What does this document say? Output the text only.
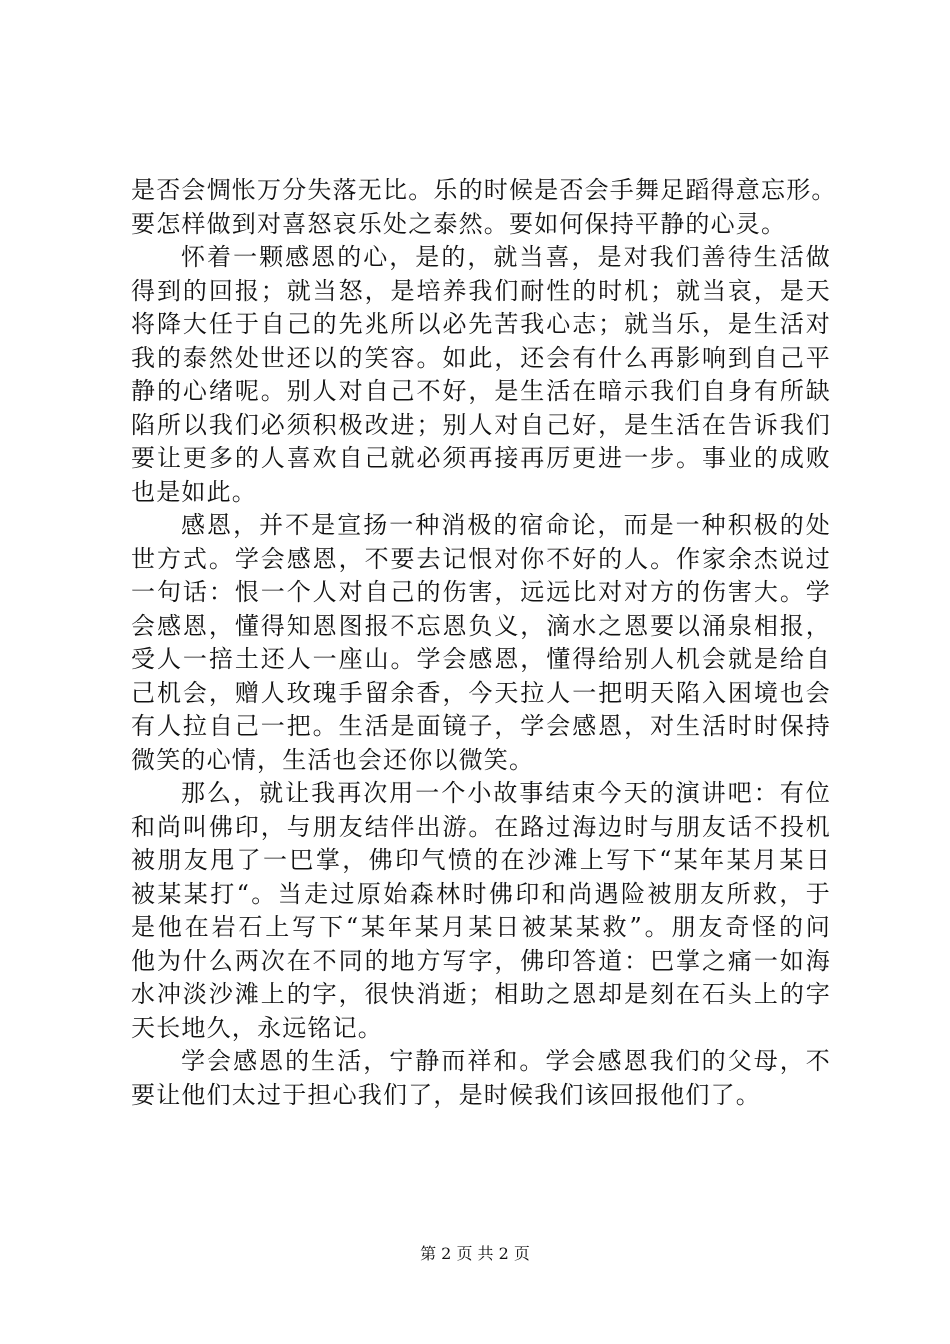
是否会惆怅万分失落无比。乐的时候是否会手舞足蹈得意忘形。
要怎样做到对喜怒哀乐处之泰然。要如何保持平静的心灵。
怀着一颗感恩的心，是的，就当喜，是对我们善待生活做
得到的回报；就当怒，是培养我们耐性的时机；就当哀，是天
将降大任于自己的先兆所以必先苦我心志；就当乐，是生活对
我的泰然处世还以的笑容。如此，还会有什么再影响到自己平
静的心绪呢。别人对自己不好，是生活在暗示我们自身有所缺
陷所以我们必须积极改进；别人对自己好，是生活在告诉我们
要让更多的人喜欢自己就必须再接再厉更进一步。事业的成败
也是如此。
感恩，并不是宣扬一种消极的宿命论，而是一种积极的处
世方式。学会感恩，不要去记恨对你不好的人。作家余杰说过
一句话：恨一个人对自己的伤害，远远比对对方的伤害大。学
会感恩，懂得知恩图报不忘恩负义，滴水之恩要以涌泉相报，
受人一掊土还人一座山。学会感恩，懂得给别人机会就是给自
己机会，赠人玫瑰手留余香，今天拉人一把明天陷入困境也会
有人拉自己一把。生活是面镜子，学会感恩，对生活时时保持
微笑的心情，生活也会还你以微笑。
那么，就让我再次用一个小故事结束今天的演讲吧：有位
和尚叫佛印，与朋友结伴出游。在路过海边时与朋友话不投机
被朋友甩了一巴掌，佛印气愤的在沙滩上写下“某年某月某日
被某某打“。当走过原始森林时佛印和尚遇险被朋友所救，于
是他在岩石上写下“某年某月某日被某某救”。朋友奇怪的问
他为什么两次在不同的地方写字，佛印答道：巴掌之痛一如海
水冲淡沙滩上的字，很快消逝；相助之恩却是刻在石头上的字
天长地久，永远铭记。
学会感恩的生活，宁静而祥和。学会感恩我们的父母，不
要让他们太过于担心我们了，是时候我们该回报他们了。
第 2 页 共 2 页
